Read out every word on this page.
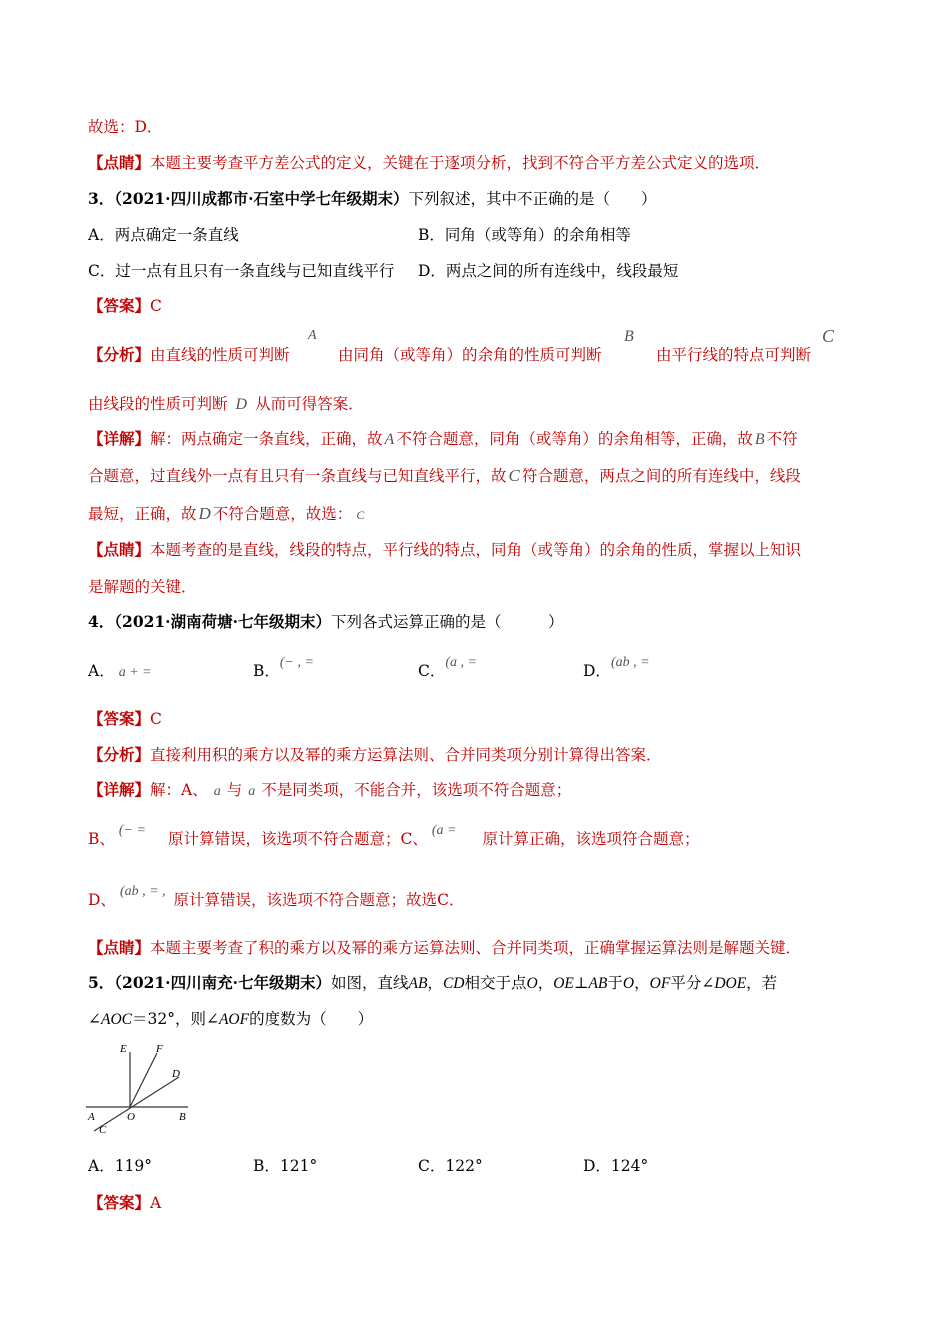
故选：D．
【点睛】本题主要考查平方差公式的定义，关键在于逐项分析，找到不符合平方差公式定义的选项．
3．（2021·四川成都市·石室中学七年级期末）下列叙述，其中不正确的是（　　）
A．两点确定一条直线	B．同角（或等角）的余角相等
C．过一点有且只有一条直线与已知直线平行 D．两点之间的所有连线中，线段最短
【答案】C
【分析】由直线的性质可判断
A
由同角（或等角）的余角的性质可判断
B
由平行线的特点可判断
C
由线段的性质可判断 D 从而可得答案．
【详解】解：两点确定一条直线，正确，故 A 不符合题意，同角（或等角）的余角相等，正确，故 B 不符
合题意，过直线外一点有且只有一条直线与已知直线平行，故 C 符合题意，两点之间的所有连线中，线段
最短，正确，故 D 不符合题意，故选： C
【点睛】本题考查的是直线，线段的特点，平行线的特点，同角（或等角）的余角的性质，掌握以上知识
是解题的关键．
4．（2021·湖南荷塘·七年级期末）下列各式运算正确的是（　　　）
A． a + =	B．(− , =	C．(a , =	D．(ab , =
【答案】C
【分析】直接利用积的乘方以及幂的乘方运算法则、合并同类项分别计算得出答案．
【详解】解：A、 a 与 a 不是同类项，不能合并，该选项不符合题意；
B、 (− = 原计算错误，该选项不符合题意；C、 (a = 原计算正确，该选项符合题意；
D、 (ab , = , 原计算错误，该选项不符合题意；故选C．
【点睛】本题主要考查了积的乘方以及幂的乘方运算法则、合并同类项，正确掌握运算法则是解题关键．
5．（2021·四川南充·七年级期末）如图，直线AB，CD相交于点O，OE⊥AB于O，OF平分∠DOE，若
∠AOC＝32°，则∠AOF的度数为（　　）
E	F
D
A	O	B
C
A．119°	B．121°	C．122°	D．124°
【答案】A
